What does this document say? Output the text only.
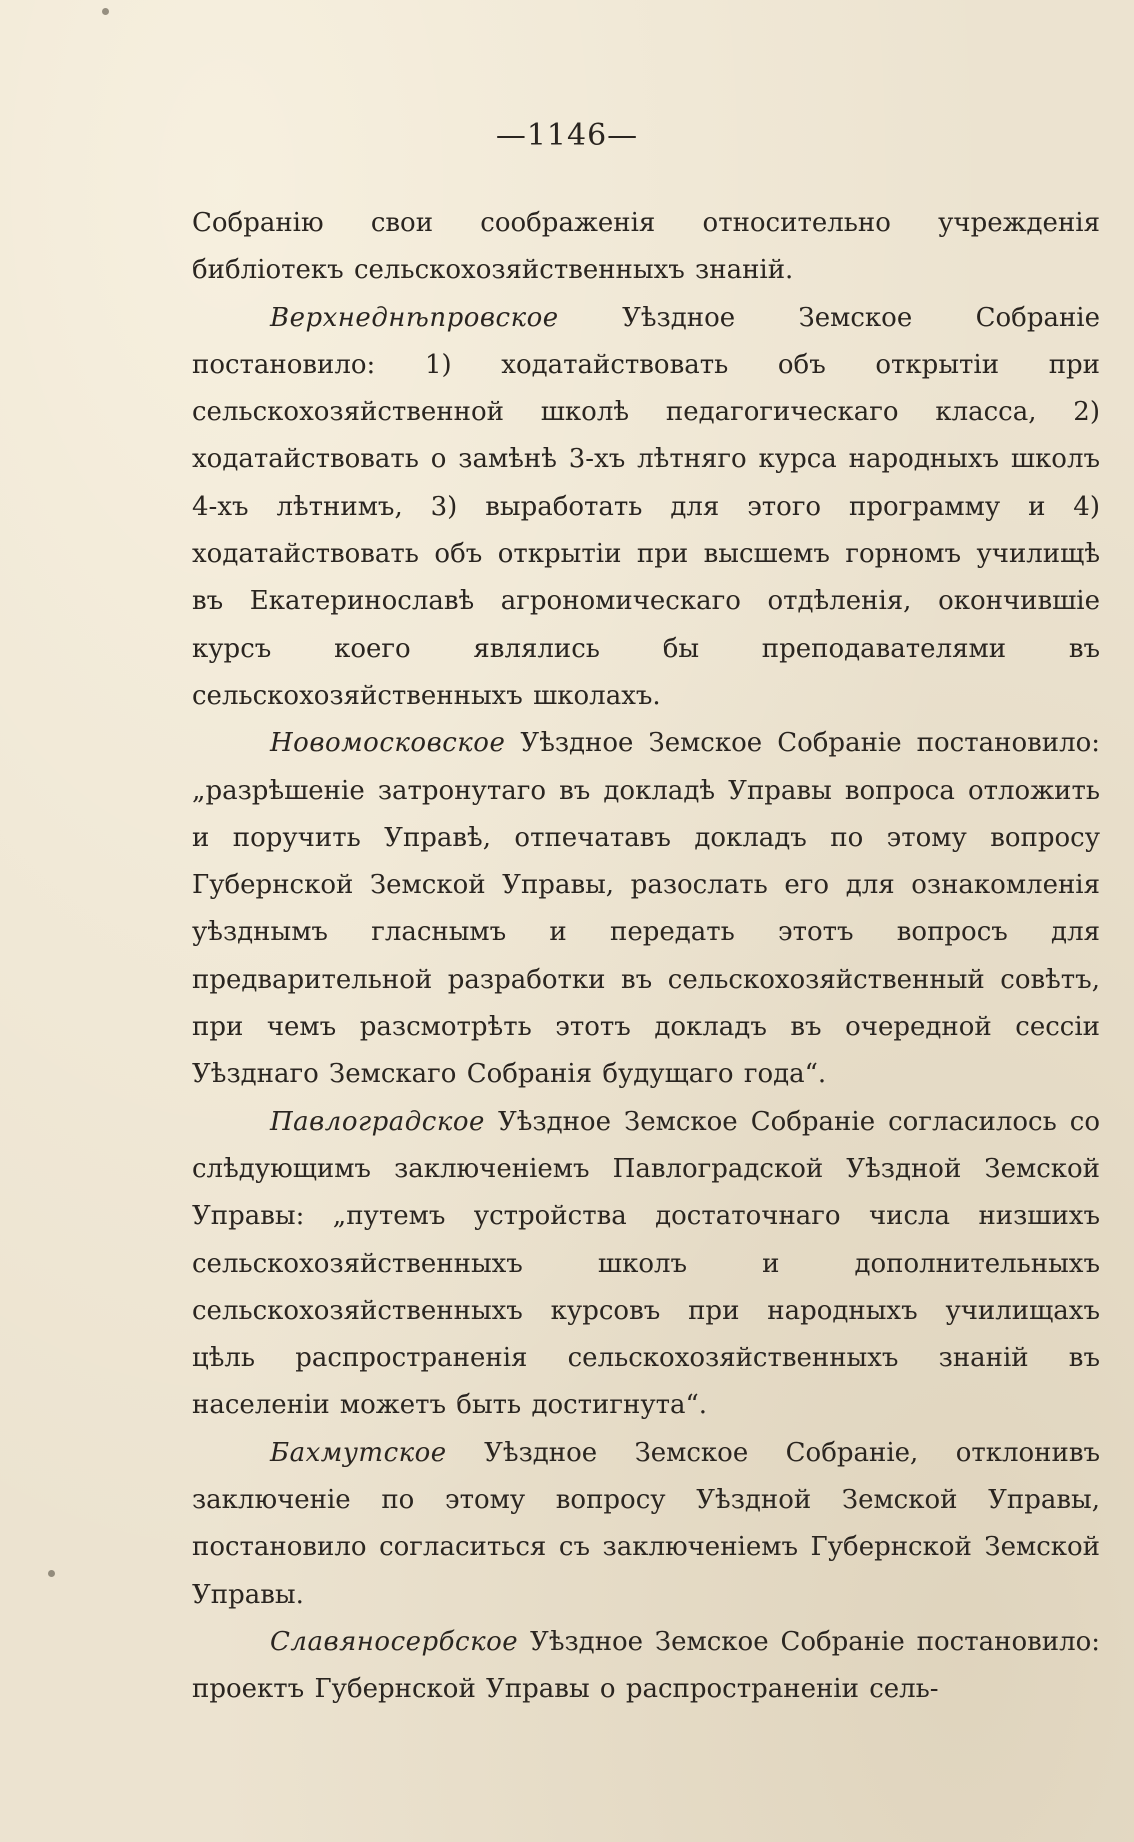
—1146—

Собранію свои соображенія относительно учрежденія библіотекъ сельскохозяйственныхъ знаній.

Верхнеднѣпровское Уѣздное Земское Собраніе постановило: 1) ходатайствовать объ открытіи при сельскохозяйственной школѣ педагогическаго класса, 2) ходатайствовать о замѣнѣ 3-хъ лѣтняго курса народныхъ школъ 4-хъ лѣтнимъ, 3) выработать для этого программу и 4) ходатайствовать объ открытіи при высшемъ горномъ училищѣ въ Екатеринославѣ агрономическаго отдѣленія, окончившіе курсъ коего являлись бы преподавателями въ сельскохозяйственныхъ школахъ.

Новомосковское Уѣздное Земское Собраніе постановило: „разрѣшеніе затронутаго въ докладѣ Управы вопроса отложить и поручить Управѣ, отпечатавъ докладъ по этому вопросу Губернской Земской Управы, разослать его для ознакомленія уѣзднымъ гласнымъ и передать этотъ вопросъ для предварительной разработки въ сельскохозяйственный совѣтъ, при чемъ разсмотрѣть этотъ докладъ въ очередной сессіи Уѣзднаго Земскаго Собранія будущаго года“.

Павлоградское Уѣздное Земское Собраніе согласилось со слѣдующимъ заключеніемъ Павлоградской Уѣздной Земской Управы: „путемъ устройства достаточнаго числа низшихъ сельскохозяйственныхъ школъ и дополнительныхъ сельскохозяйственныхъ курсовъ при народныхъ училищахъ цѣль распространенія сельскохозяйственныхъ знаній въ населеніи можетъ быть достигнута“.

Бахмутское Уѣздное Земское Собраніе, отклонивъ заключеніе по этому вопросу Уѣздной Земской Управы, постановило согласиться съ заключеніемъ Губернской Земской Управы.

Славяносербское Уѣздное Земское Собраніе постановило: проектъ Губернской Управы о распространеніи сель-
